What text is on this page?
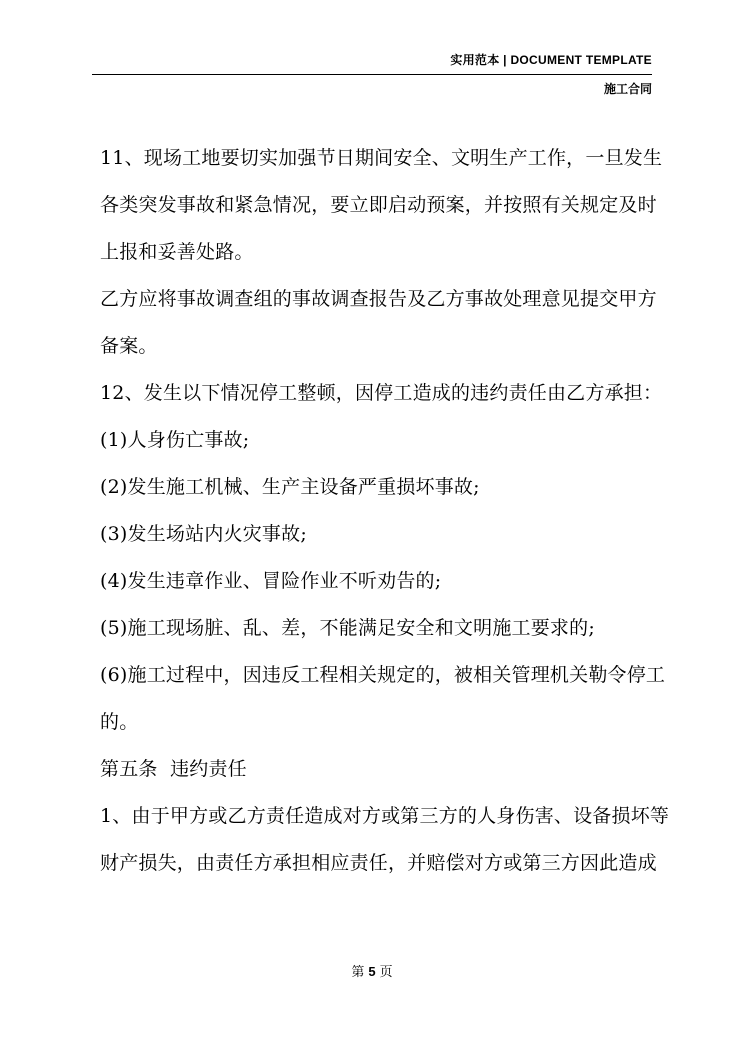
实用范本 | DOCUMENT TEMPLATE
施工合同

11、现场工地要切实加强节日期间安全、文明生产工作，一旦发生

各类突发事故和紧急情况，要立即启动预案，并按照有关规定及时

上报和妥善处路。

乙方应将事故调查组的事故调查报告及乙方事故处理意见提交甲方

备案。

12、发生以下情况停工整顿，因停工造成的违约责任由乙方承担：

(1)人身伤亡事故;

(2)发生施工机械、生产主设备严重损坏事故;

(3)发生场站内火灾事故;

(4)发生违章作业、冒险作业不听劝告的;

(5)施工现场脏、乱、差，不能满足安全和文明施工要求的;

(6)施工过程中，因违反工程相关规定的，被相关管理机关勒令停工

的。

第五条  违约责任

1、由于甲方或乙方责任造成对方或第三方的人身伤害、设备损坏等

财产损失，由责任方承担相应责任，并赔偿对方或第三方因此造成

第 5 页
